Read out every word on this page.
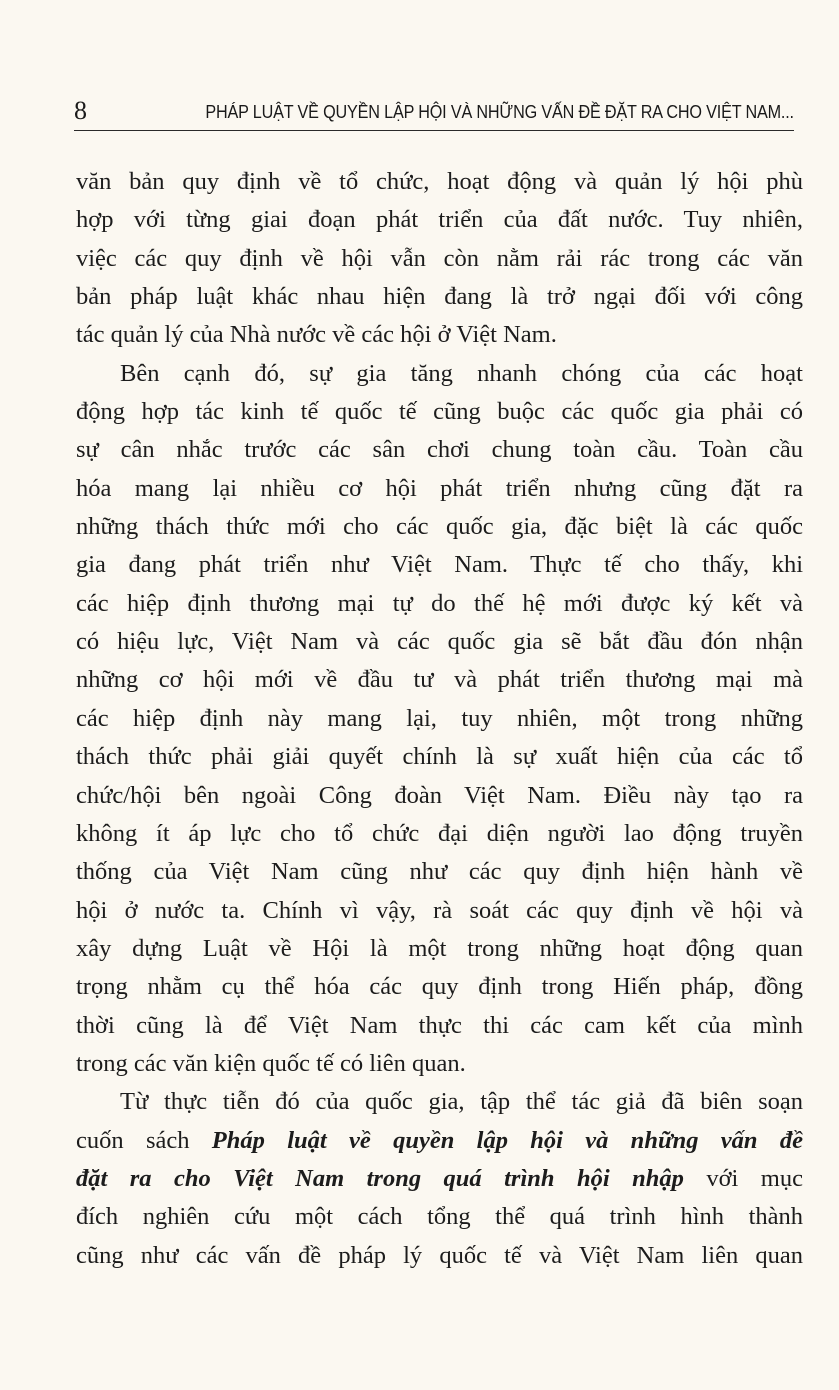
8	PHÁP LUẬT VỀ QUYỀN LẬP HỘI VÀ NHỮNG VẤN ĐỀ ĐẶT RA CHO VIỆT NAM...
văn bản quy định về tổ chức, hoạt động và quản lý hội phù
hợp với từng giai đoạn phát triển của đất nước. Tuy nhiên,
việc các quy định về hội vẫn còn nằm rải rác trong các văn
bản pháp luật khác nhau hiện đang là trở ngại đối với công
tác quản lý của Nhà nước về các hội ở Việt Nam.
Bên cạnh đó, sự gia tăng nhanh chóng của các hoạt
động hợp tác kinh tế quốc tế cũng buộc các quốc gia phải có
sự cân nhắc trước các sân chơi chung toàn cầu. Toàn cầu
hóa mang lại nhiều cơ hội phát triển nhưng cũng đặt ra
những thách thức mới cho các quốc gia, đặc biệt là các quốc
gia đang phát triển như Việt Nam. Thực tế cho thấy, khi
các hiệp định thương mại tự do thế hệ mới được ký kết và
có hiệu lực, Việt Nam và các quốc gia sẽ bắt đầu đón nhận
những cơ hội mới về đầu tư và phát triển thương mại mà
các hiệp định này mang lại, tuy nhiên, một trong những
thách thức phải giải quyết chính là sự xuất hiện của các tổ
chức/hội bên ngoài Công đoàn Việt Nam. Điều này tạo ra
không ít áp lực cho tổ chức đại diện người lao động truyền
thống của Việt Nam cũng như các quy định hiện hành về
hội ở nước ta. Chính vì vậy, rà soát các quy định về hội và
xây dựng Luật về Hội là một trong những hoạt động quan
trọng nhằm cụ thể hóa các quy định trong Hiến pháp, đồng
thời cũng là để Việt Nam thực thi các cam kết của mình
trong các văn kiện quốc tế có liên quan.
Từ thực tiễn đó của quốc gia, tập thể tác giả đã biên soạn
cuốn sách Pháp luật về quyền lập hội và những vấn đề
đặt ra cho Việt Nam trong quá trình hội nhập với mục
đích nghiên cứu một cách tổng thể quá trình hình thành
cũng như các vấn đề pháp lý quốc tế và Việt Nam liên quan
